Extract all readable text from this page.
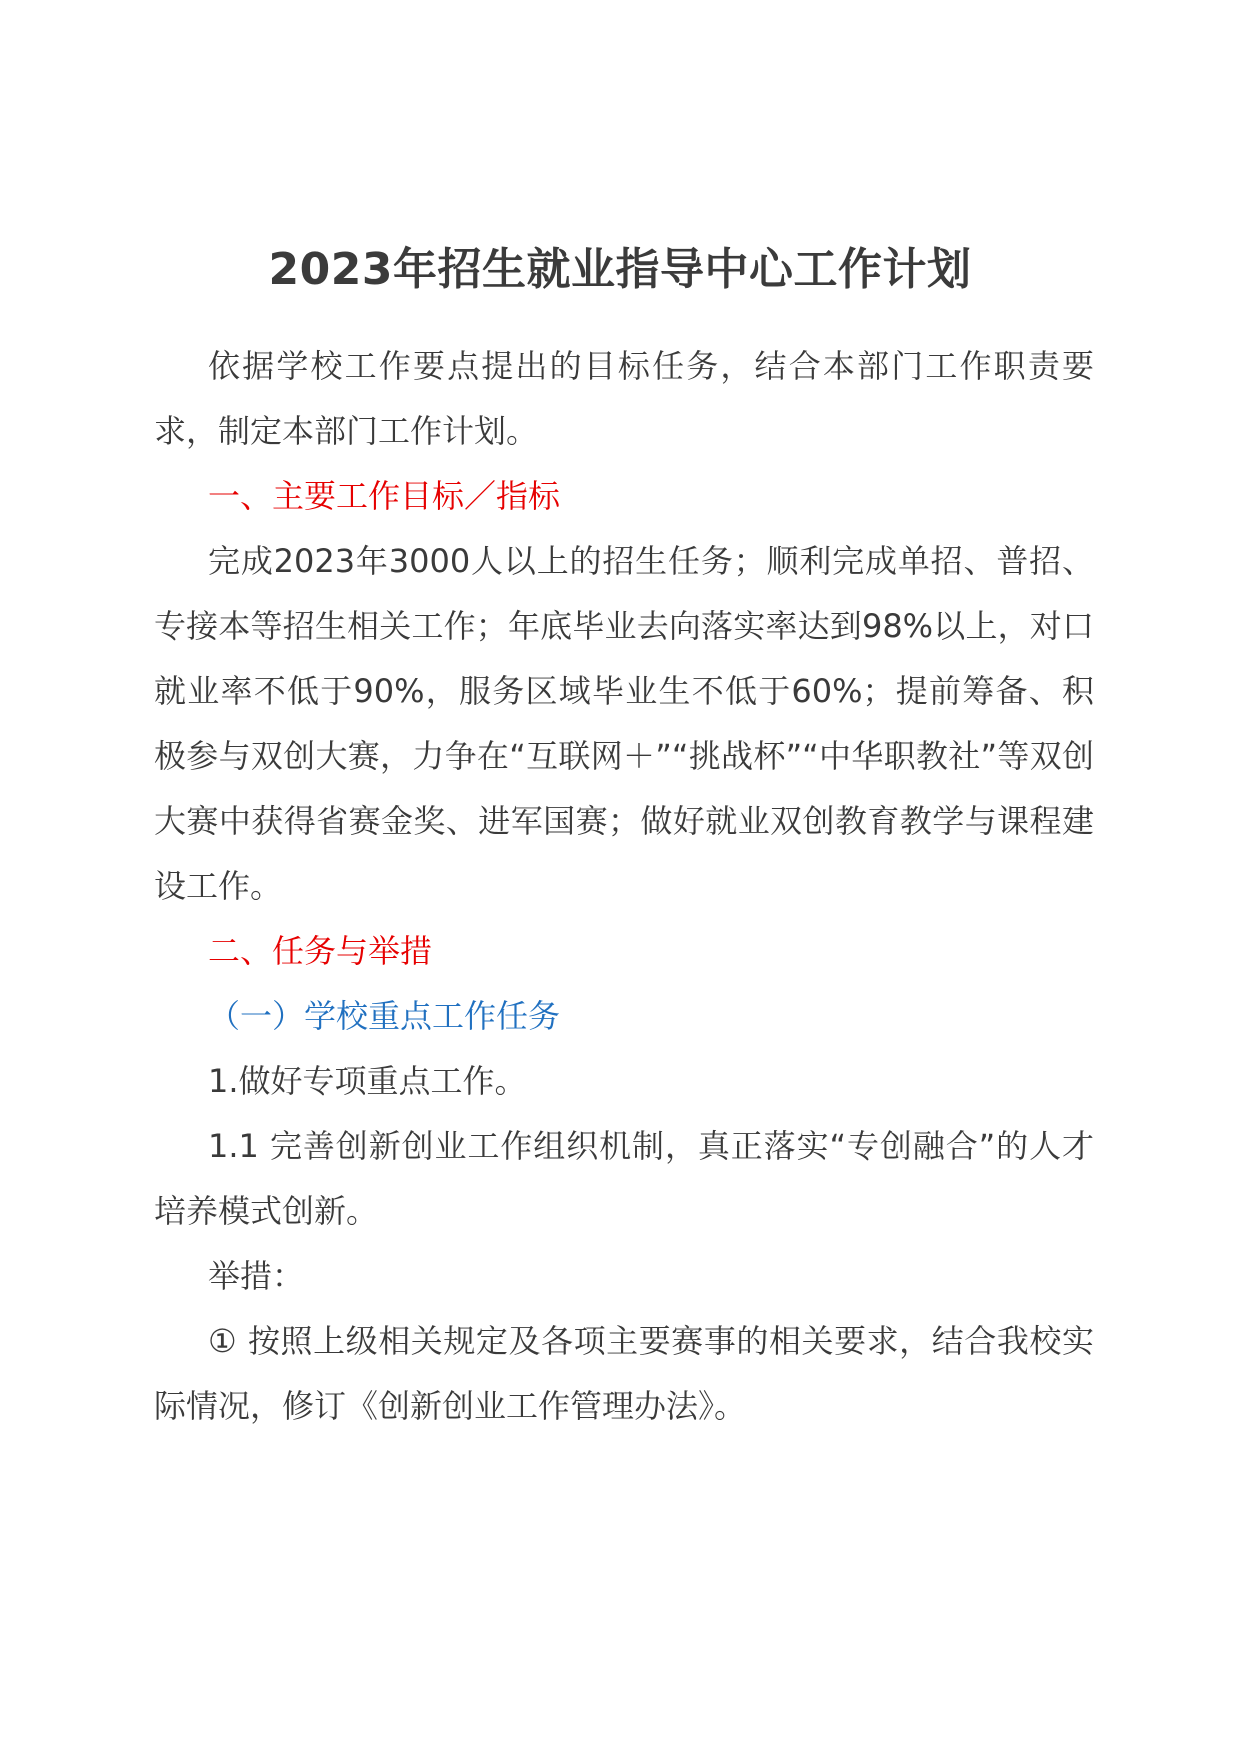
2023年招生就业指导中心工作计划

依据学校工作要点提出的目标任务，结合本部门工作职责要求，制定本部门工作计划。

一、主要工作目标／指标

完成2023年3000人以上的招生任务；顺利完成单招、普招、专接本等招生相关工作；年底毕业去向落实率达到98%以上，对口就业率不低于90%，服务区域毕业生不低于60%；提前筹备、积极参与双创大赛，力争在“互联网＋”“挑战杯”“中华职教社”等双创大赛中获得省赛金奖、进军国赛；做好就业双创教育教学与课程建设工作。

二、任务与举措

（一）学校重点工作任务

1.做好专项重点工作。

1.1 完善创新创业工作组织机制，真正落实“专创融合”的人才培养模式创新。

举措：

① 按照上级相关规定及各项主要赛事的相关要求，结合我校实际情况，修订《创新创业工作管理办法》。
